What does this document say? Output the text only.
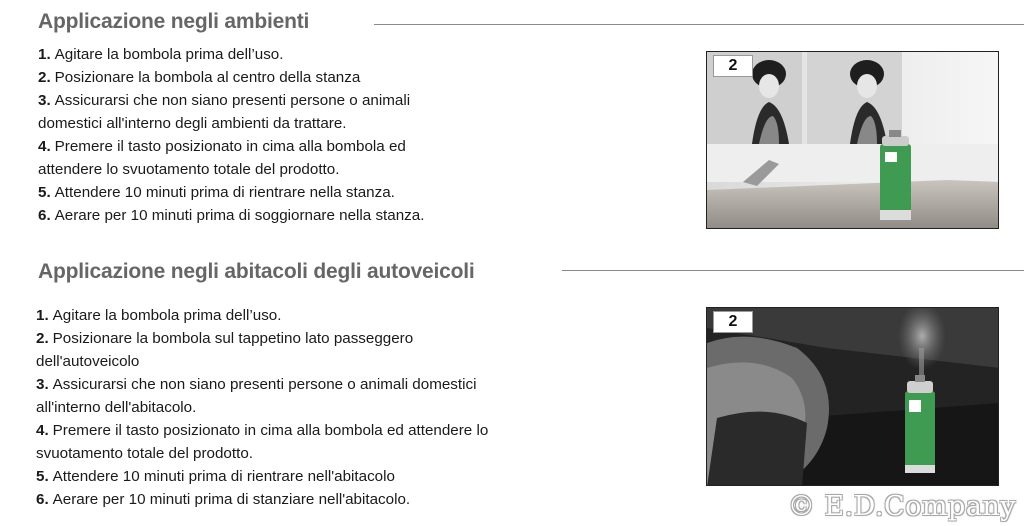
Applicazione negli ambienti
1. Agitare la bombola prima dell’uso.
2. Posizionare la bombola al centro della stanza
3. Assicurarsi che non siano presenti persone o animali
domestici all'interno degli ambienti da trattare.
4. Premere il tasto posizionato in cima alla bombola ed
attendere lo svuotamento totale del prodotto.
5. Attendere 10 minuti prima di rientrare nella stanza.
6. Aerare per 10 minuti prima di soggiornare nella stanza.
2
Applicazione negli abitacoli degli autoveicoli
1. Agitare la bombola prima dell’uso.
2. Posizionare la bombola sul tappetino lato passeggero
dell'autoveicolo
3. Assicurarsi che non siano presenti persone o animali domestici
all'interno dell'abitacolo.
4. Premere il tasto posizionato in cima alla bombola ed attendere lo
svuotamento totale del prodotto.
5. Attendere 10 minuti prima di rientrare nell'abitacolo
6. Aerare per 10 minuti prima di stanziare nell'abitacolo.
2
© E.D.Company
